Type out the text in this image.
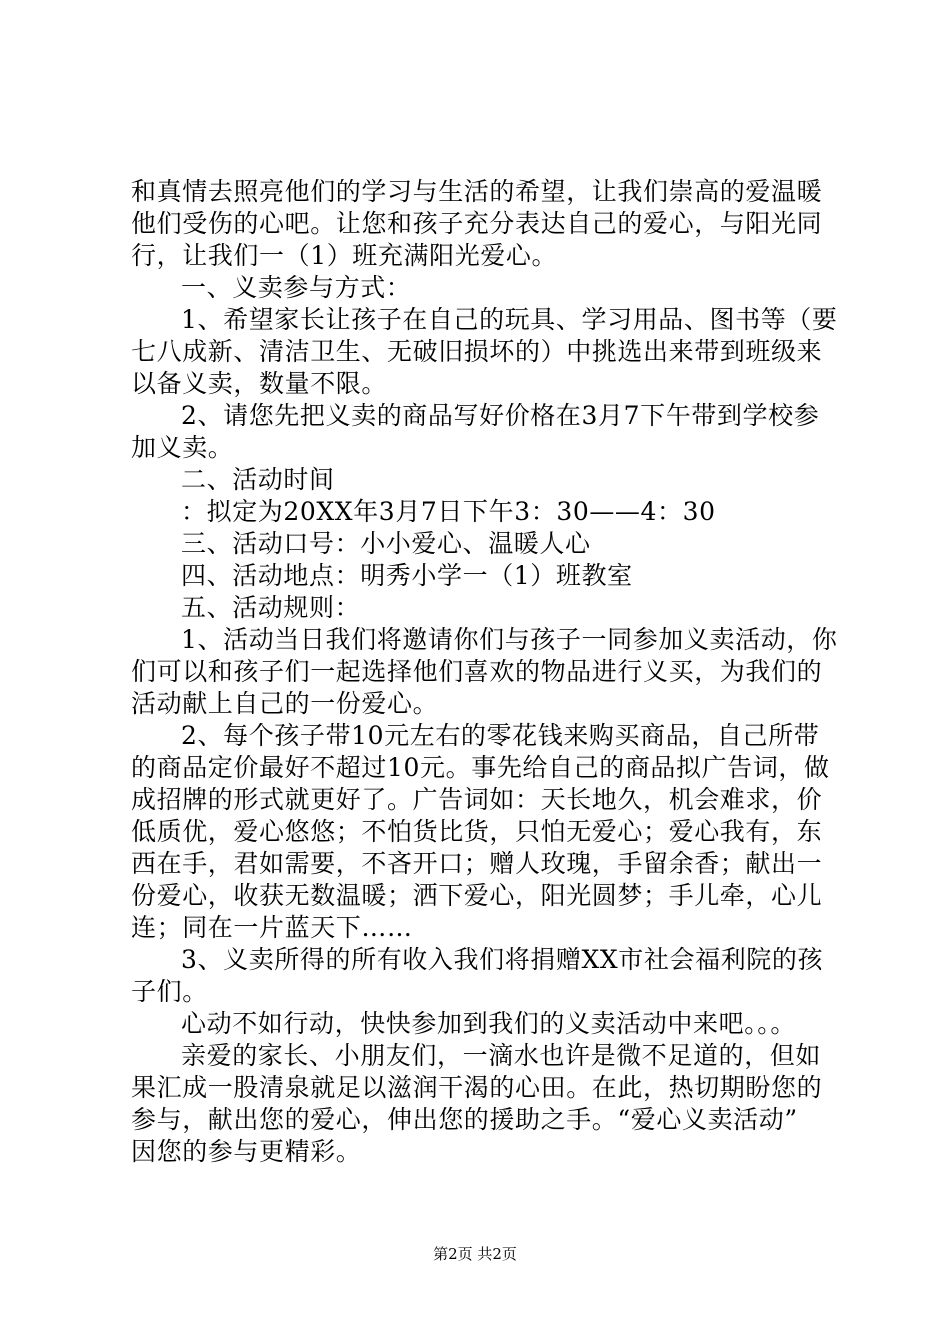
和真情去照亮他们的学习与生活的希望，让我们崇高的爱温暖
他们受伤的心吧。让您和孩子充分表达自己的爱心，与阳光同
行，让我们一（1）班充满阳光爱心。
一、义卖参与方式：
1、希望家长让孩子在自己的玩具、学习用品、图书等（要
七八成新、清洁卫生、无破旧损坏的）中挑选出来带到班级来
以备义卖，数量不限。
2、请您先把义卖的商品写好价格在3月7下午带到学校参
加义卖。
二、活动时间
：拟定为20XX年3月7日下午3：30——4：30
三、活动口号：小小爱心、温暖人心
四、活动地点：明秀小学一（1）班教室
五、活动规则：
1、活动当日我们将邀请你们与孩子一同参加义卖活动，你
们可以和孩子们一起选择他们喜欢的物品进行义买，为我们的
活动献上自己的一份爱心。
2、每个孩子带10元左右的零花钱来购买商品，自己所带
的商品定价最好不超过10元。事先给自己的商品拟广告词，做
成招牌的形式就更好了。广告词如：天长地久，机会难求，价
低质优，爱心悠悠；不怕货比货，只怕无爱心；爱心我有，东
西在手，君如需要，不吝开口；赠人玫瑰，手留余香；献出一
份爱心，收获无数温暖；洒下爱心，阳光圆梦；手儿牵，心儿
连；同在一片蓝天下……
3、义卖所得的所有收入我们将捐赠XX市社会福利院的孩
子们。
心动不如行动，快快参加到我们的义卖活动中来吧。。。
亲爱的家长、小朋友们，一滴水也许是微不足道的，但如
果汇成一股清泉就足以滋润干渴的心田。在此，热切期盼您的
参与，献出您的爱心，伸出您的援助之手。“爱心义卖活动”
因您的参与更精彩。
第2页 共2页
